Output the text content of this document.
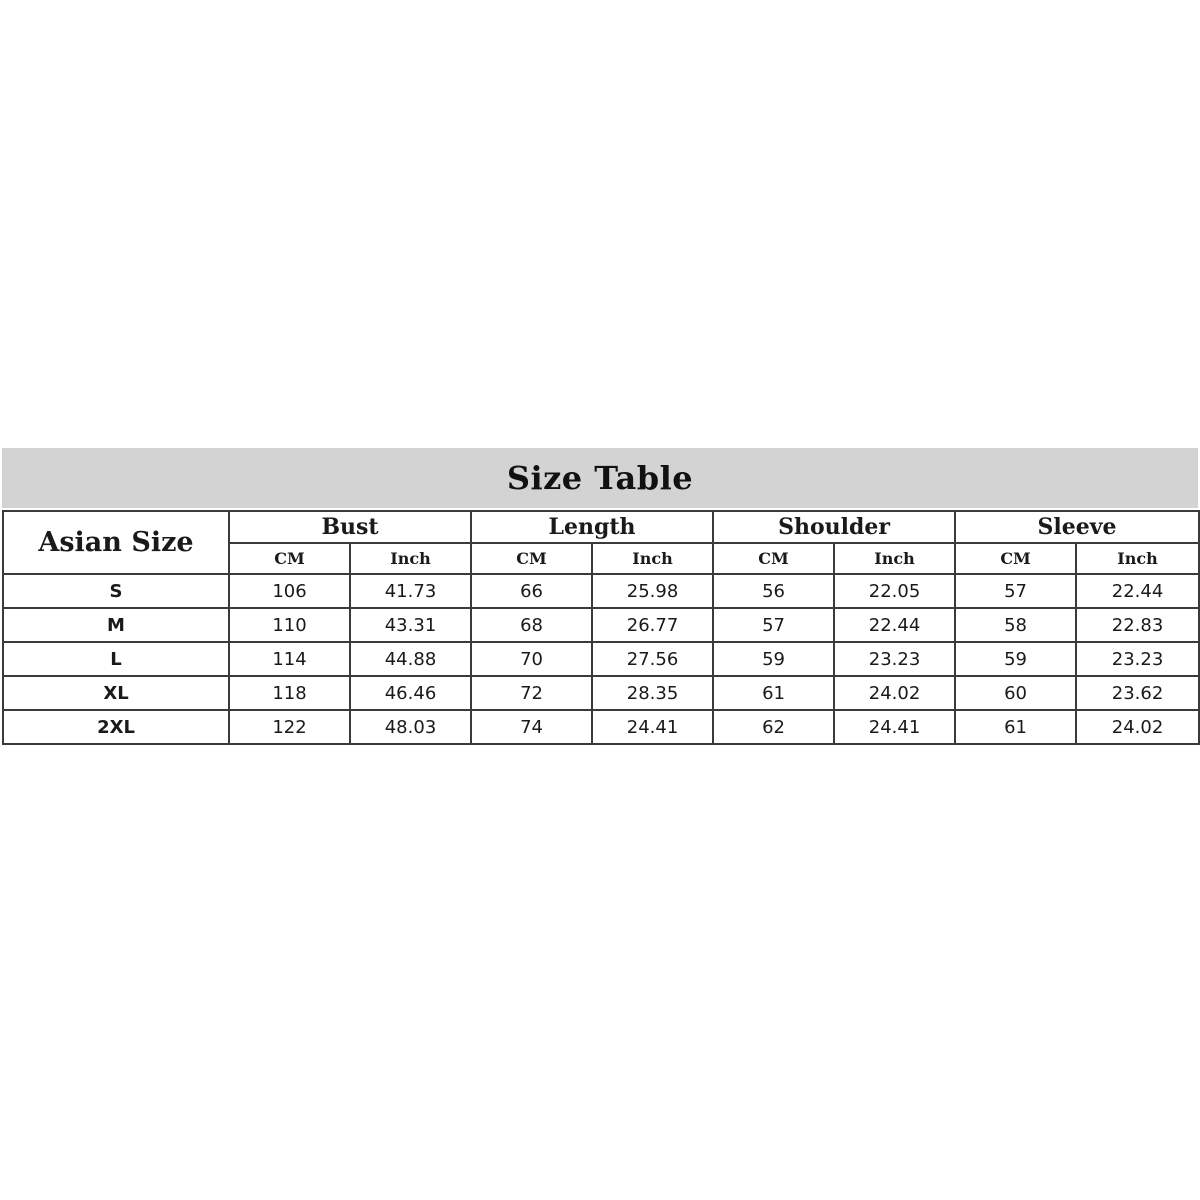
Size Table
Asian Size	Bust		Length		Shoulder		Sleeve	
	CM	Inch	CM	Inch	CM	Inch	CM	Inch
S	106	41.73	66	25.98	56	22.05	57	22.44
M	110	43.31	68	26.77	57	22.44	58	22.83
L	114	44.88	70	27.56	59	23.23	59	23.23
XL	118	46.46	72	28.35	61	24.02	60	23.62
2XL	122	48.03	74	24.41	62	24.41	61	24.02
